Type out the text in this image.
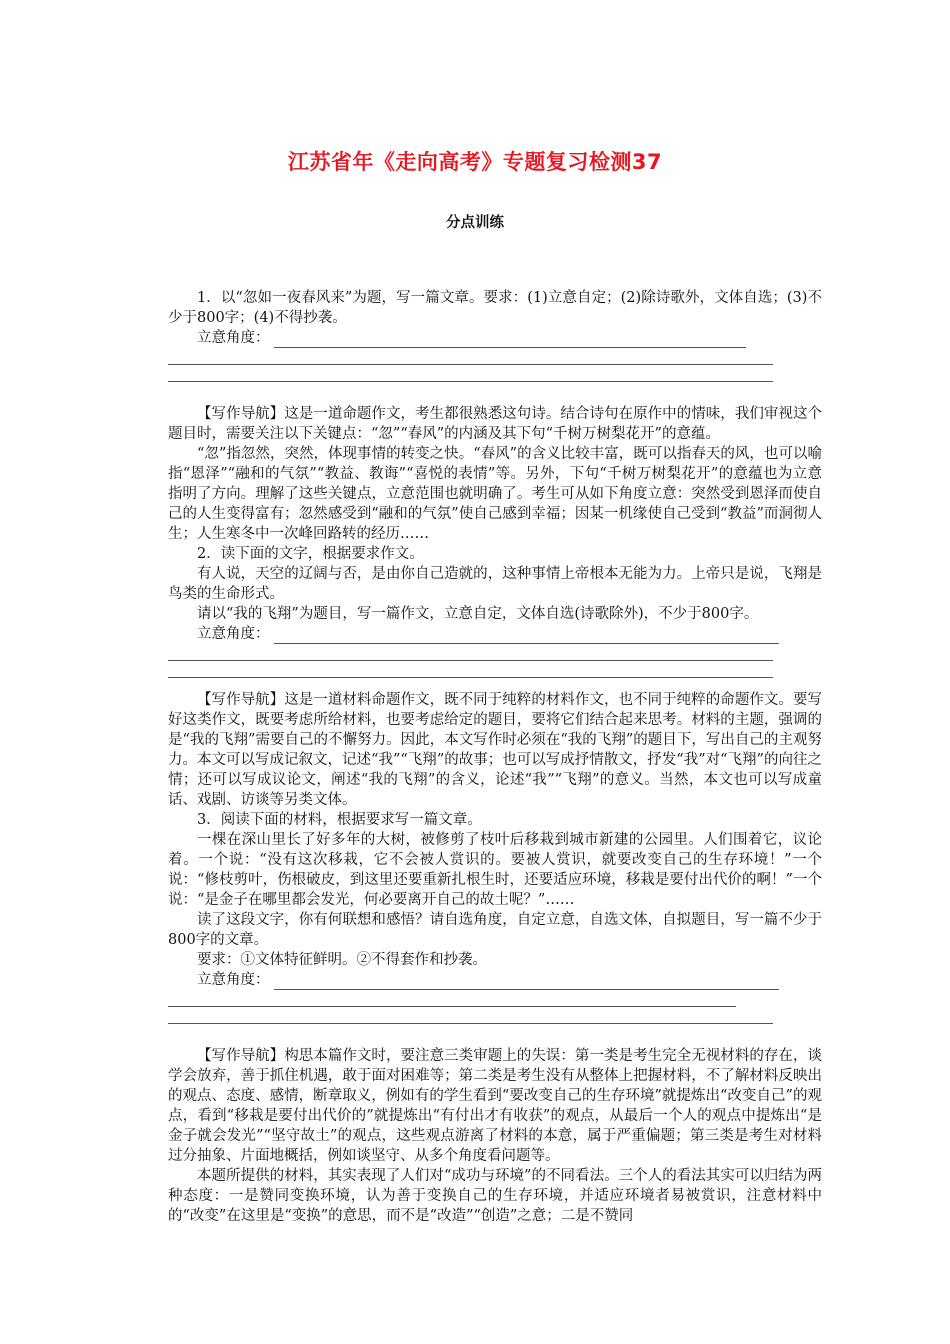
江苏省年《走向高考》专题复习检测37
分点训练

1．以“忽如一夜春风来”为题，写一篇文章。要求：(1)立意自定；(2)除诗歌外，文体自选；(3)不少于800字；(4)不得抄袭。

立意角度：

【写作导航】这是一道命题作文，考生都很熟悉这句诗。结合诗句在原作中的情味，我们审视这个题目时，需要关注以下关键点：“忽”“春风”的内涵及其下句“千树万树梨花开”的意蕴。

“忽”指忽然，突然，体现事情的转变之快。“春风”的含义比较丰富，既可以指春天的风，也可以喻指“恩泽”“融和的气氛”“教益、教诲”“喜悦的表情”等。另外，下句“千树万树梨花开”的意蕴也为立意指明了方向。理解了这些关键点，立意范围也就明确了。考生可从如下角度立意：突然受到恩泽而使自己的人生变得富有；忽然感受到“融和的气氛”使自己感到幸福；因某一机缘使自己受到“教益”而洞彻人生；人生寒冬中一次峰回路转的经历……

2．读下面的文字，根据要求作文。

有人说，天空的辽阔与否，是由你自己造就的，这种事情上帝根本无能为力。上帝只是说，飞翔是鸟类的生命形式。

请以“我的飞翔”为题目，写一篇作文，立意自定，文体自选(诗歌除外)，不少于800字。

立意角度：

【写作导航】这是一道材料命题作文，既不同于纯粹的材料作文，也不同于纯粹的命题作文。要写好这类作文，既要考虑所给材料，也要考虑给定的题目，要将它们结合起来思考。材料的主题，强调的是“我的飞翔”需要自己的不懈努力。因此，本文写作时必须在“我的飞翔”的题目下，写出自己的主观努力。本文可以写成记叙文，记述“我”“飞翔”的故事；也可以写成抒情散文，抒发“我”对“飞翔”的向往之情；还可以写成议论文，阐述“我的飞翔”的含义，论述“我”“飞翔”的意义。当然，本文也可以写成童话、戏剧、访谈等另类文体。

3．阅读下面的材料，根据要求写一篇文章。

一棵在深山里长了好多年的大树，被修剪了枝叶后移栽到城市新建的公园里。人们围着它，议论着。一个说：“没有这次移栽，它不会被人赏识的。要被人赏识，就要改变自己的生存环境！”一个说：“修枝剪叶，伤根破皮，到这里还要重新扎根生时，还要适应环境，移栽是要付出代价的啊！”一个说：“是金子在哪里都会发光，何必要离开自己的故土呢？”……

读了这段文字，你有何联想和感悟？请自选角度，自定立意，自选文体，自拟题目，写一篇不少于800字的文章。

要求：①文体特征鲜明。②不得套作和抄袭。

立意角度：

【写作导航】构思本篇作文时，要注意三类审题上的失误：第一类是考生完全无视材料的存在，谈学会放弃，善于抓住机遇，敢于面对困难等；第二类是考生没有从整体上把握材料，不了解材料反映出的观点、态度、感情，断章取义，例如有的学生看到“要改变自己的生存环境”就提炼出“改变自己”的观点，看到“移栽是要付出代价的”就提炼出“有付出才有收获”的观点，从最后一个人的观点中提炼出“是金子就会发光”“坚守故土”的观点，这些观点游离了材料的本意，属于严重偏题；第三类是考生对材料过分抽象、片面地概括，例如谈坚守、从多个角度看问题等。

本题所提供的材料，其实表现了人们对“成功与环境”的不同看法。三个人的看法其实可以归结为两种态度：一是赞同变换环境，认为善于变换自己的生存环境，并适应环境者易被赏识，注意材料中的“改变”在这里是“变换”的意思，而不是“改造”“创造”之意；二是不赞同
